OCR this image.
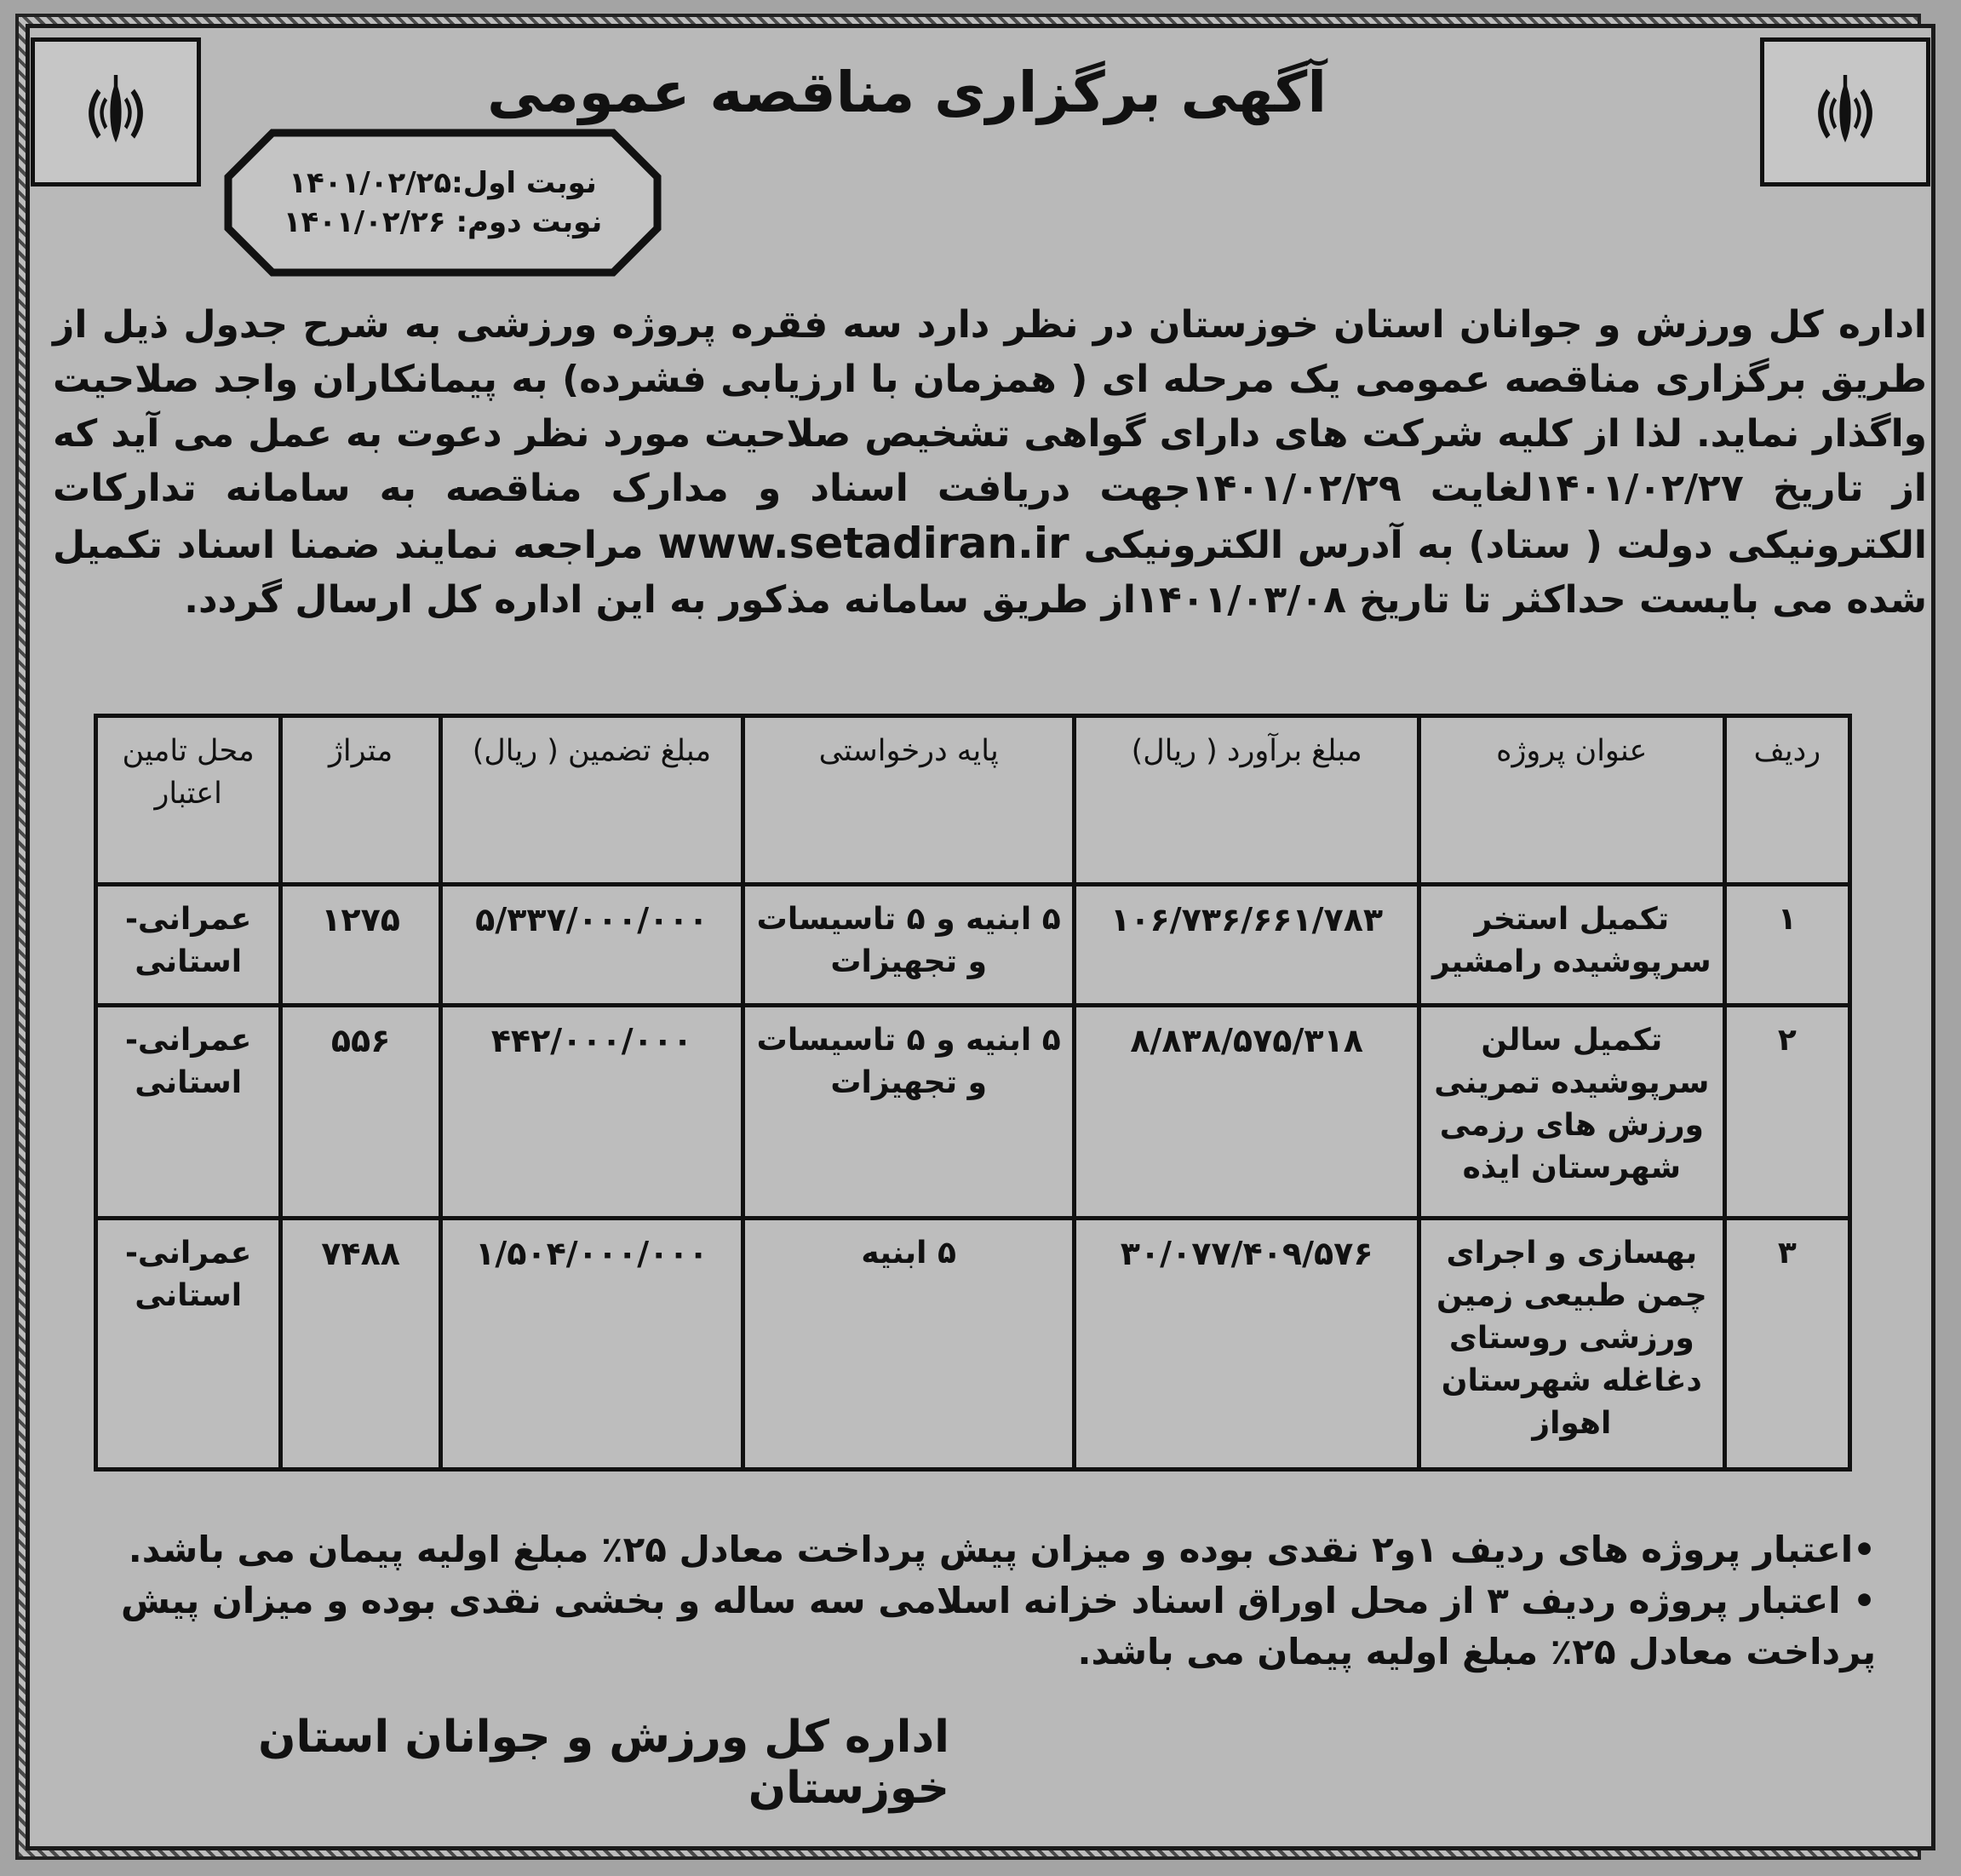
آگهی برگزاری مناقصه عمومی
نوبت اول:۱۴۰۱/۰۲/۲۵
نوبت دوم: ۱۴۰۱/۰۲/۲۶
اداره کل ورزش و جوانان استان خوزستان در نظر دارد سه فقره پروژه ورزشی به شرح جدول ذیل از طریق برگزاری مناقصه عمومی یک مرحله ای ( همزمان با ارزیابی فشرده) به پیمانکاران واجد صلاحیت واگذار نماید. لذا از کلیه شرکت های دارای گواهی تشخیص صلاحیت مورد نظر دعوت به عمل می آید که از تاریخ ۱۴۰۱/۰۲/۲۷لغایت ۱۴۰۱/۰۲/۲۹جهت دریافت اسناد و مدارک مناقصه به سامانه تدارکات الکترونیکی دولت ( ستاد) به آدرس الکترونیکی www.setadiran.ir مراجعه نمایند ضمنا اسناد تکمیل شده می بایست حداکثر تا تاریخ ۱۴۰۱/۰۳/۰۸از طریق سامانه مذکور به این اداره کل ارسال گردد.
ردیف	عنوان پروژه	مبلغ برآورد ( ریال)	پایه درخواستی	مبلغ تضمین ( ریال)	متراژ	محل تامین اعتبار
۱	تکمیل استخر سرپوشیده رامشیر	۱۰۶/۷۳۶/۶۶۱/۷۸۳	۵ ابنیه و ۵ تاسیسات و تجهیزات	۵/۳۳۷/۰۰۰/۰۰۰	۱۲۷۵	عمرانی- استانی
۲	تکمیل سالن سرپوشیده تمرینی ورزش های رزمی شهرستان ایذه	۸/۸۳۸/۵۷۵/۳۱۸	۵ ابنیه و ۵ تاسیسات و تجهیزات	۴۴۲/۰۰۰/۰۰۰	۵۵۶	عمرانی- استانی
۳	بهسازی و اجرای چمن طبیعی زمین ورزشی روستای دغاغله شهرستان اهواز	۳۰/۰۷۷/۴۰۹/۵۷۶	۵ ابنیه	۱/۵۰۴/۰۰۰/۰۰۰	۷۴۸۸	عمرانی- استانی

•اعتبار پروژه های ردیف ۱و۲ نقدی بوده و میزان پیش پرداخت معادل ۲۵٪ مبلغ اولیه پیمان می باشد.

• اعتبار پروژه ردیف ۳ از محل اوراق اسناد خزانه اسلامی سه ساله و بخشی نقدی بوده و میزان پیش پرداخت معادل ۲۵٪ مبلغ اولیه پیمان می باشد.

اداره کل ورزش و جوانان استان خوزستان
